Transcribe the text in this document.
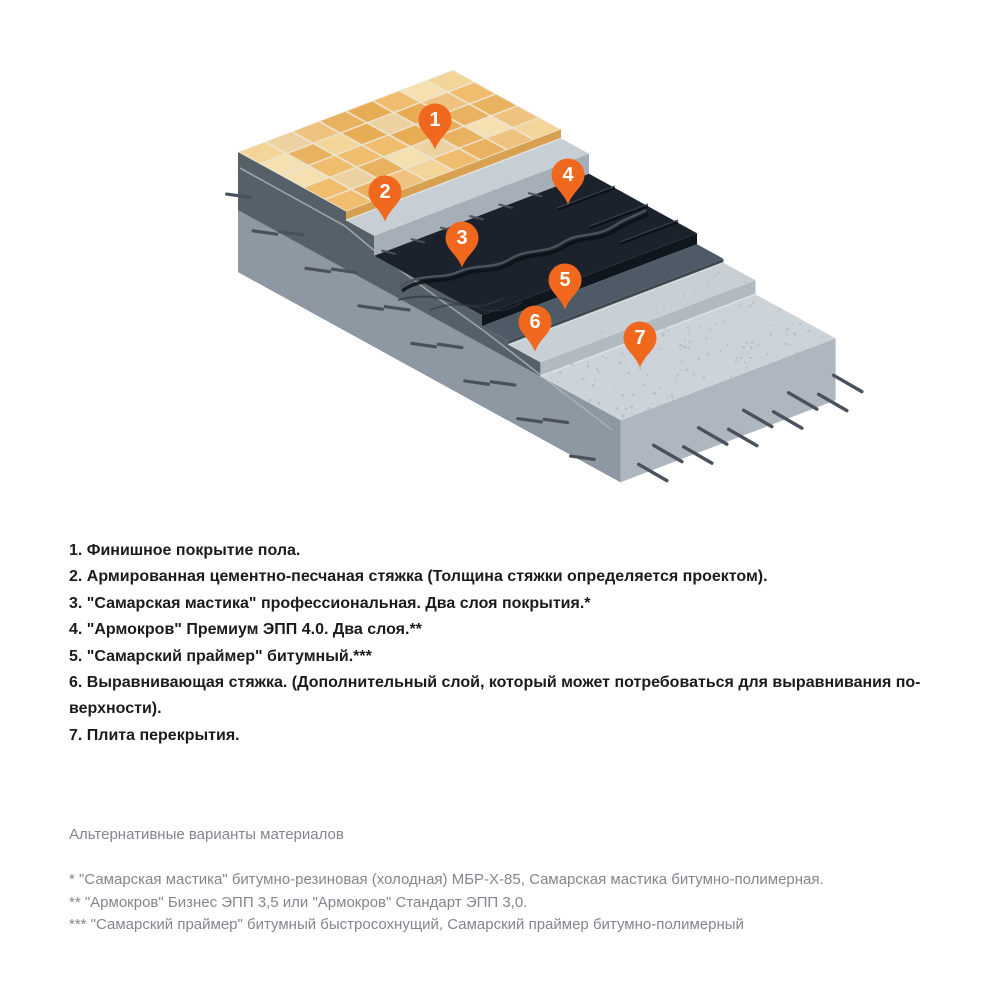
1
2
3
4
5
6
7
1. Финишное покрытие пола.
2. Армированная цементно-песчаная стяжка (Толщина стяжки определяется проектом).
3. "Самарская мастика" профессиональная. Два слоя покрытия.*
4. "Армокров" Премиум ЭПП 4.0. Два слоя.**
5. "Самарский праймер" битумный.***
6. Выравнивающая стяжка. (Дополнительный слой, который может потребоваться для выравнивания по-
верхности).
7. Плита перекрытия.
Альтернативные варианты материалов
* "Самарская мастика" битумно-резиновая (холодная) МБР-Х-85, Самарская мастика битумно-полимерная.
** "Армокров" Бизнес ЭПП 3,5 или "Армокров" Стандарт ЭПП 3,0.
*** "Самарский праймер" битумный быстросохнущий, Самарский праймер битумно-полимерный
